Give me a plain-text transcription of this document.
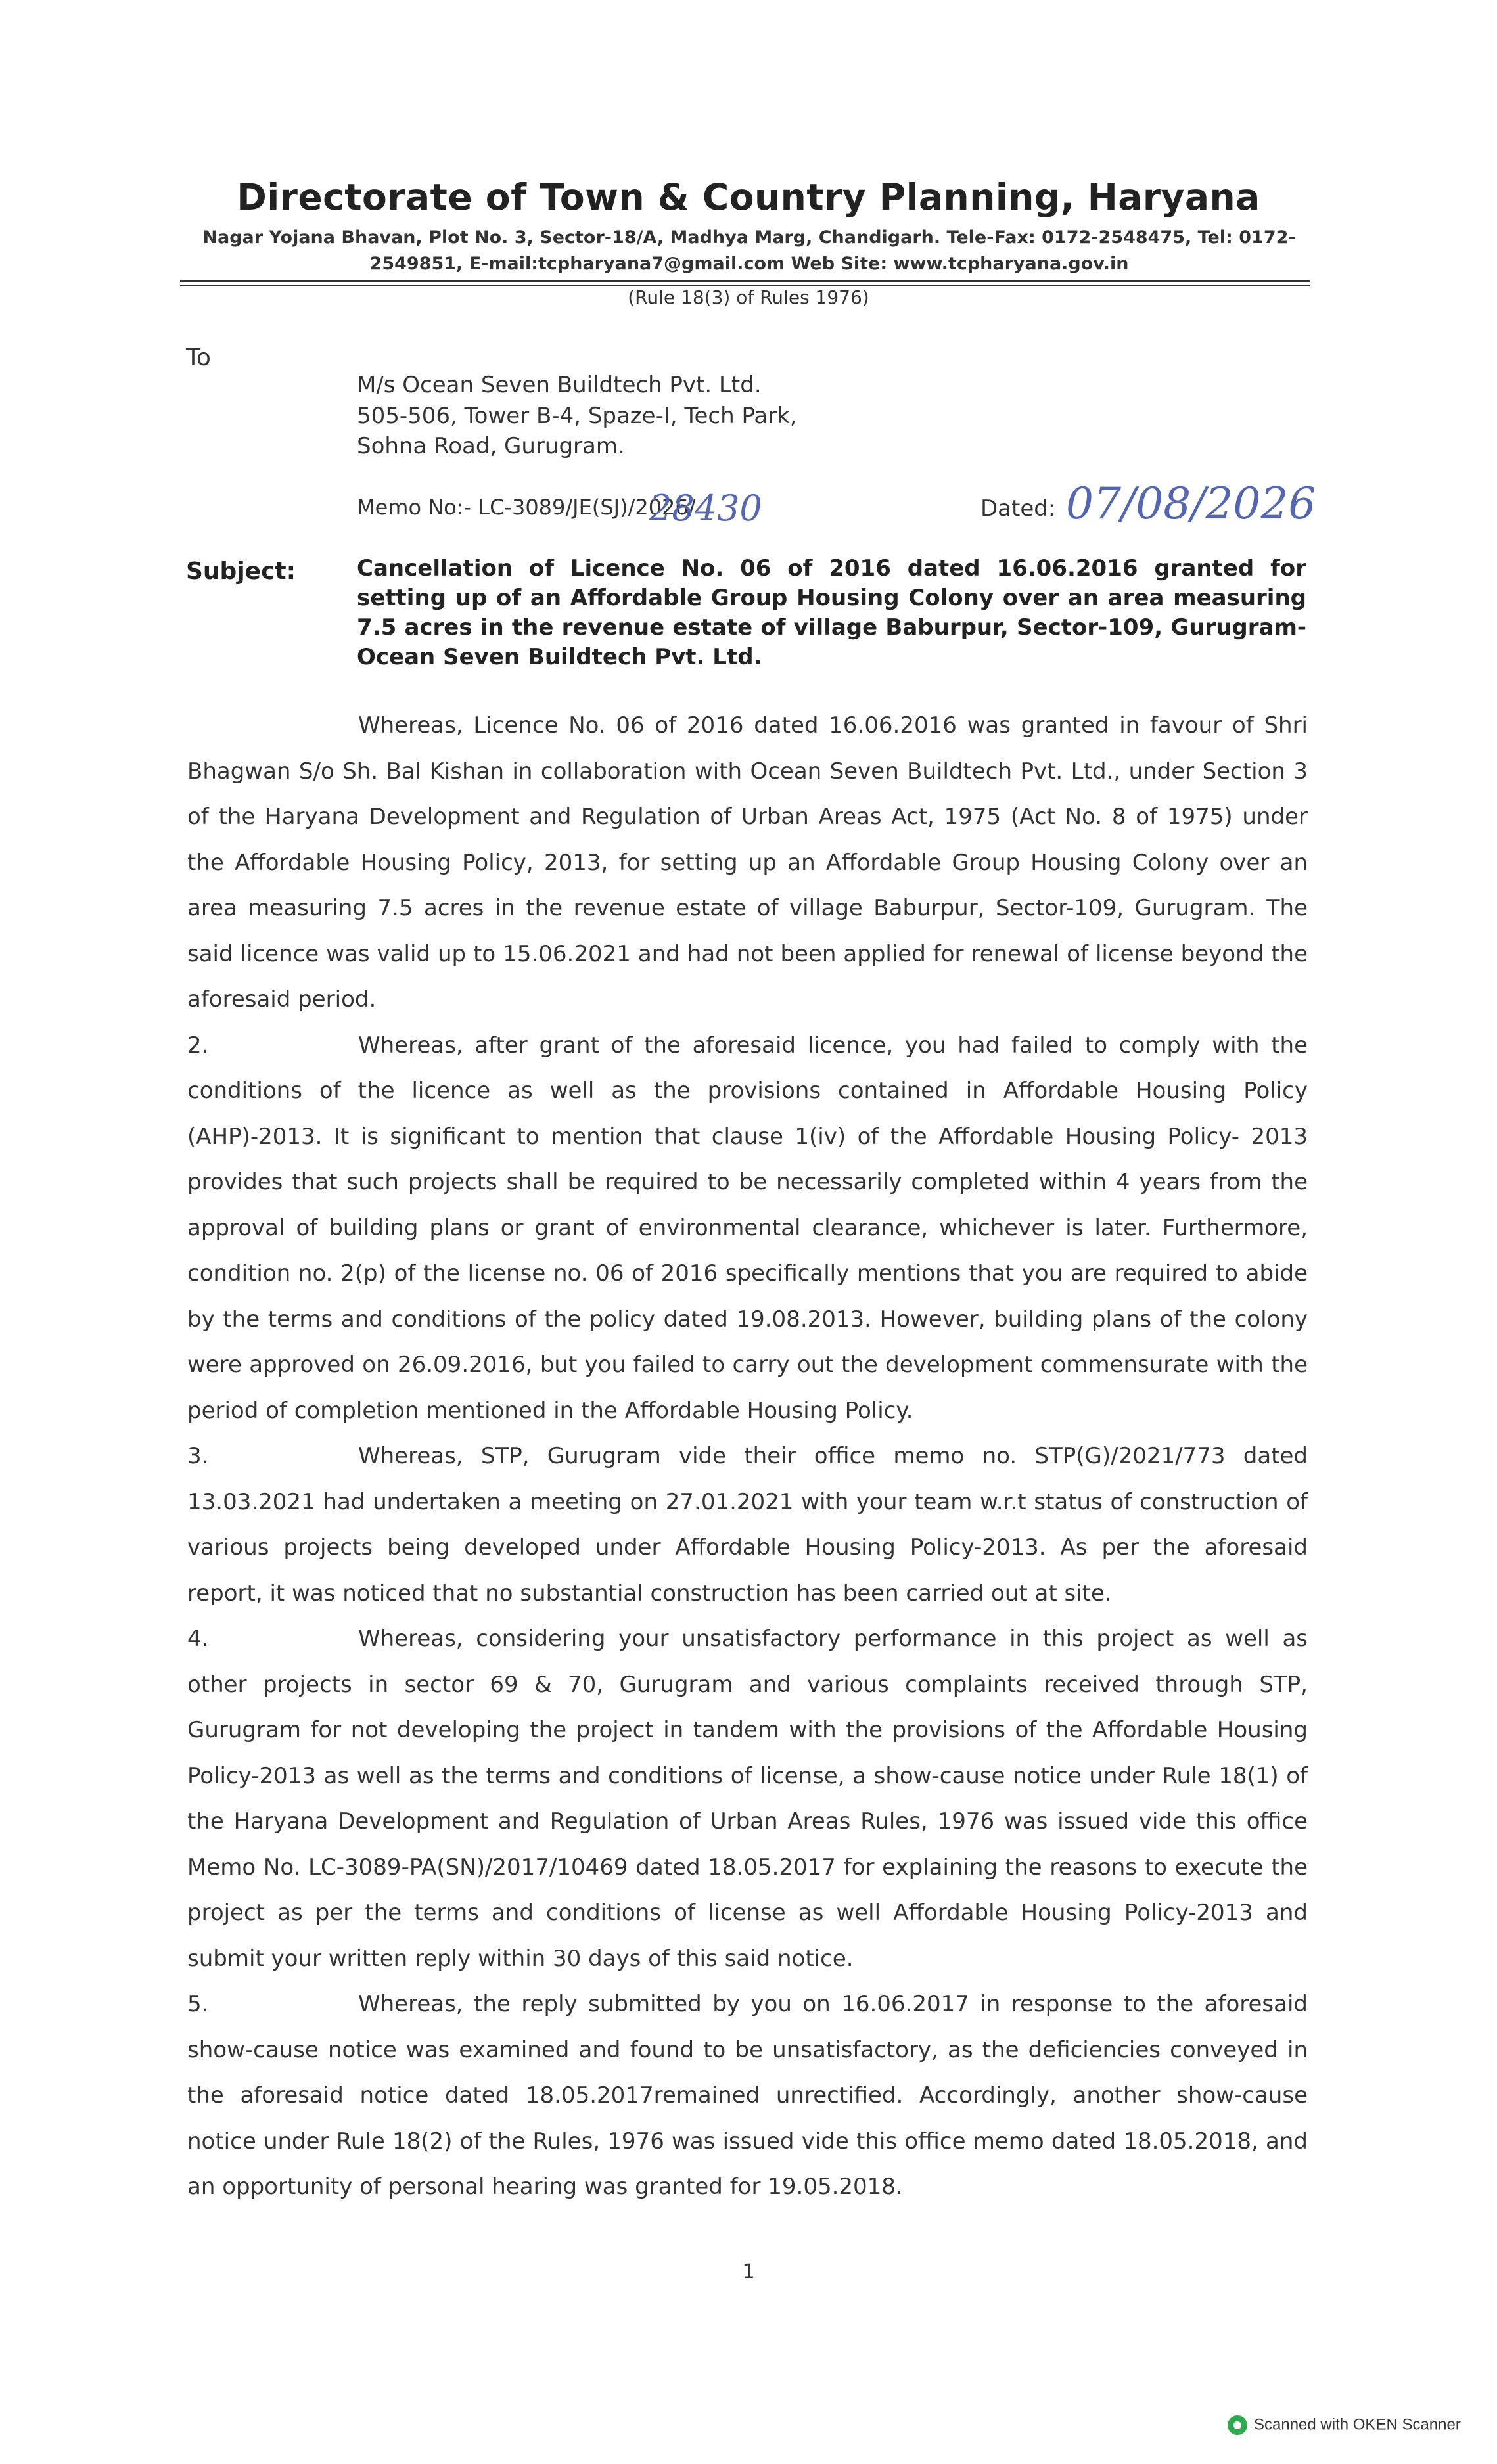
Directorate of Town & Country Planning, Haryana
Nagar Yojana Bhavan, Plot No. 3, Sector-18/A, Madhya Marg, Chandigarh. Tele-Fax: 0172-2548475, Tel: 0172-
2549851, E-mail:tcpharyana7@gmail.com Web Site: www.tcpharyana.gov.in
(Rule 18(3) of Rules 1976)
To
M/s Ocean Seven Buildtech Pvt. Ltd.
505-506, Tower B-4, Spaze-I, Tech Park,
Sohna Road, Gurugram.
Memo No:- LC-3089/JE(SJ)/2026/
28430	Dated: 07/08/2026
Subject:	Cancellation of Licence No. 06 of 2016 dated 16.06.2016 granted for setting up of an Affordable Group Housing Colony over an area measuring 7.5 acres in the revenue estate of village Baburpur, Sector-109, Gurugram- Ocean Seven Buildtech Pvt. Ltd.

Whereas, Licence No. 06 of 2016 dated 16.06.2016 was granted in favour of Shri Bhagwan S/o Sh. Bal Kishan in collaboration with Ocean Seven Buildtech Pvt. Ltd., under Section 3 of the Haryana Development and Regulation of Urban Areas Act, 1975 (Act No. 8 of 1975) under the Affordable Housing Policy, 2013, for setting up an Affordable Group Housing Colony over an area measuring 7.5 acres in the revenue estate of village Baburpur, Sector-109, Gurugram. The said licence was valid up to 15.06.2021 and had not been applied for renewal of license beyond the aforesaid period.

2.	Whereas, after grant of the aforesaid licence, you had failed to comply with the conditions of the licence as well as the provisions contained in Affordable Housing Policy (AHP)-2013. It is significant to mention that clause 1(iv) of the Affordable Housing Policy- 2013 provides that such projects shall be required to be necessarily completed within 4 years from the approval of building plans or grant of environmental clearance, whichever is later. Furthermore, condition no. 2(p) of the license no. 06 of 2016 specifically mentions that you are required to abide by the terms and conditions of the policy dated 19.08.2013. However, building plans of the colony were approved on 26.09.2016, but you failed to carry out the development commensurate with the period of completion mentioned in the Affordable Housing Policy.

3.	Whereas, STP, Gurugram vide their office memo no. STP(G)/2021/773 dated 13.03.2021 had undertaken a meeting on 27.01.2021 with your team w.r.t status of construction of various projects being developed under Affordable Housing Policy-2013. As per the aforesaid report, it was noticed that no substantial construction has been carried out at site.

4.	Whereas, considering your unsatisfactory performance in this project as well as other projects in sector 69 & 70, Gurugram and various complaints received through STP, Gurugram for not developing the project in tandem with the provisions of the Affordable Housing Policy-2013 as well as the terms and conditions of license, a show-cause notice under Rule 18(1) of the Haryana Development and Regulation of Urban Areas Rules, 1976 was issued vide this office Memo No. LC-3089-PA(SN)/2017/10469 dated 18.05.2017 for explaining the reasons to execute the project as per the terms and conditions of license as well Affordable Housing Policy-2013 and submit your written reply within 30 days of this said notice.

5.	Whereas, the reply submitted by you on 16.06.2017 in response to the aforesaid show-cause notice was examined and found to be unsatisfactory, as the deficiencies conveyed in the aforesaid notice dated 18.05.2017remained unrectified. Accordingly, another show-cause notice under Rule 18(2) of the Rules, 1976 was issued vide this office memo dated 18.05.2018, and an opportunity of personal hearing was granted for 19.05.2018.

1
Scanned with OKEN Scanner
